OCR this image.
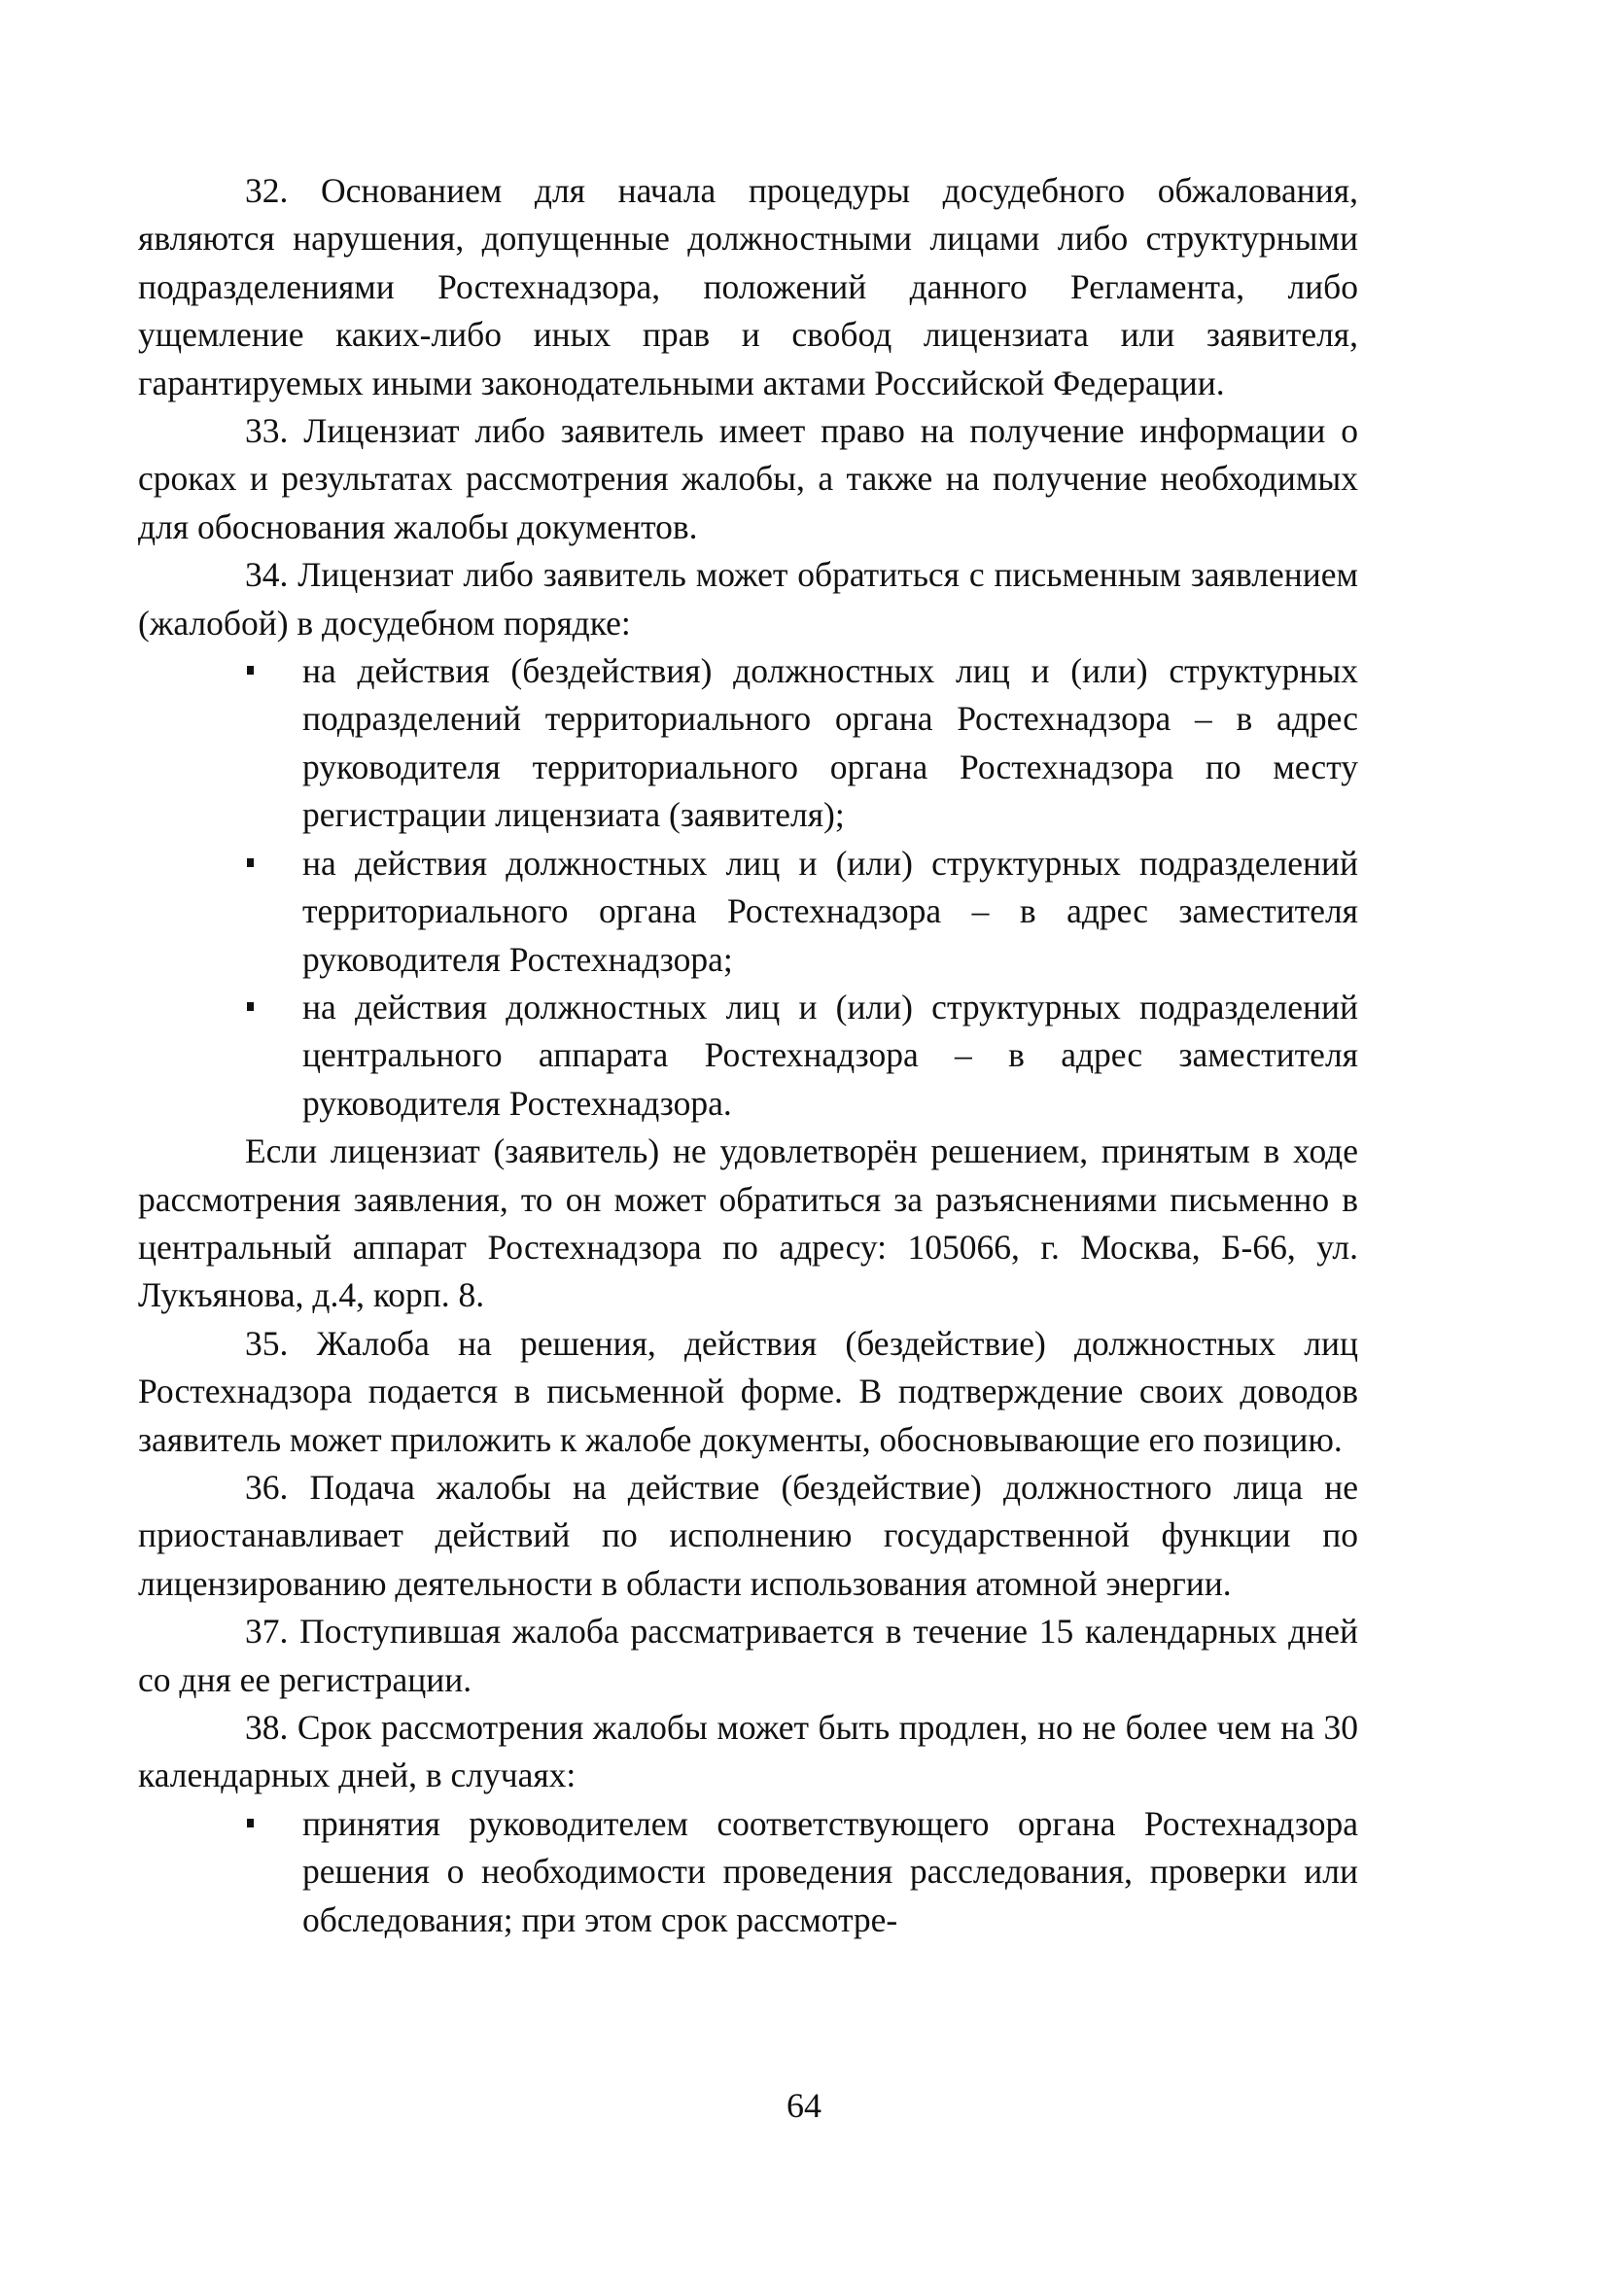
32. Основанием для начала процедуры досудебного обжалования, являются нарушения, допущенные должностными лицами либо структурными подразделениями Ростехнадзора, положений данного Регламента, либо ущемление каких-либо иных прав и свобод лицензиата или заявителя, гарантируемых иными законодательными актами Российской Федерации.

33. Лицензиат либо заявитель имеет право на получение информации о сроках и результатах рассмотрения жалобы, а также на получение необходимых для обоснования жалобы документов.

34. Лицензиат либо заявитель может обратиться с письменным заявлением (жалобой) в досудебном порядке:

на действия (бездействия) должностных лиц и (или) структурных подразделений территориального органа Ростехнадзора – в адрес руководителя территориального органа Ростехнадзора по месту регистрации лицензиата (заявителя);
на действия должностных лиц и (или) структурных подразделений территориального органа Ростехнадзора – в адрес заместителя руководителя Ростехнадзора;
на действия должностных лиц и (или) структурных подразделений центрального аппарата Ростехнадзора – в адрес заместителя руководителя Ростехнадзора.

Если лицензиат (заявитель) не удовлетворён решением, принятым в ходе рассмотрения заявления, то он может обратиться за разъяснениями письменно в центральный аппарат Ростехнадзора по адресу: 105066, г. Москва, Б-66, ул. Лукъянова, д.4, корп. 8.

35. Жалоба на решения, действия (бездействие) должностных лиц Ростехнадзора подается в письменной форме. В подтверждение своих доводов заявитель может приложить к жалобе документы, обосновывающие его позицию.

36. Подача жалобы на действие (бездействие) должностного лица не приостанавливает действий по исполнению государственной функции по лицензированию деятельности в области использования атомной энергии.

37. Поступившая жалоба рассматривается в течение 15 календарных дней со дня ее регистрации.

38. Срок рассмотрения жалобы может быть продлен, но не более чем на 30 календарных дней, в случаях:

принятия руководителем соответствующего органа Ростехнадзора решения о необходимости проведения расследования, проверки или обследования; при этом срок рассмотре-
64
